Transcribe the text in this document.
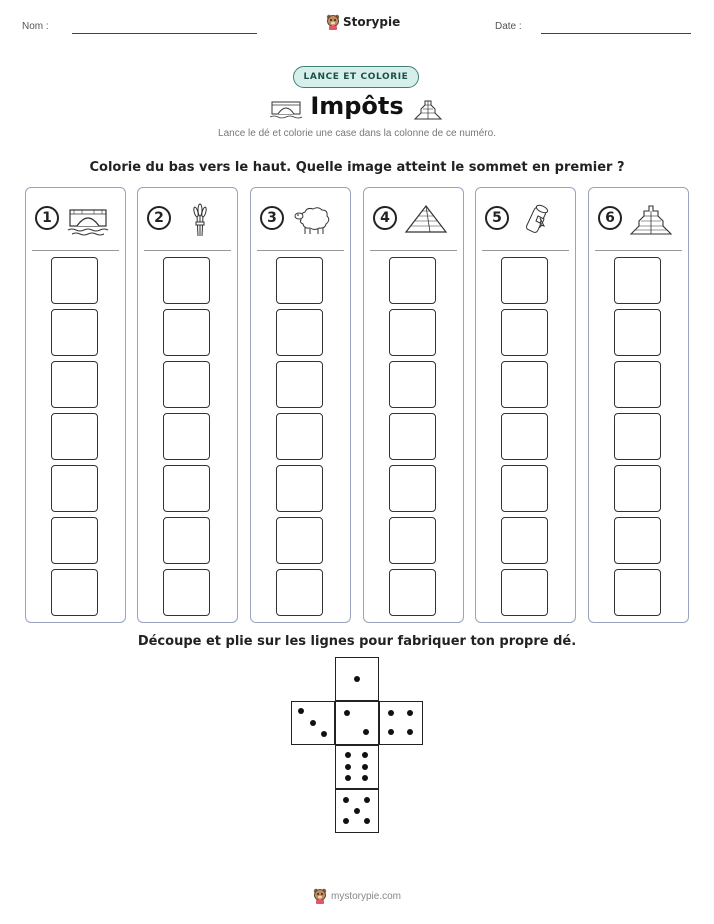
Nom :	Storypie	Date :
LANCE ET COLORIE
Impôts
Lance le dé et colorie une case dans la colonne de ce numéro.
Colorie du bas vers le haut. Quelle image atteint le sommet en premier ?
1	2	3	4	5	6
Découpe et plie sur les lignes pour fabriquer ton propre dé.
mystorypie.com
